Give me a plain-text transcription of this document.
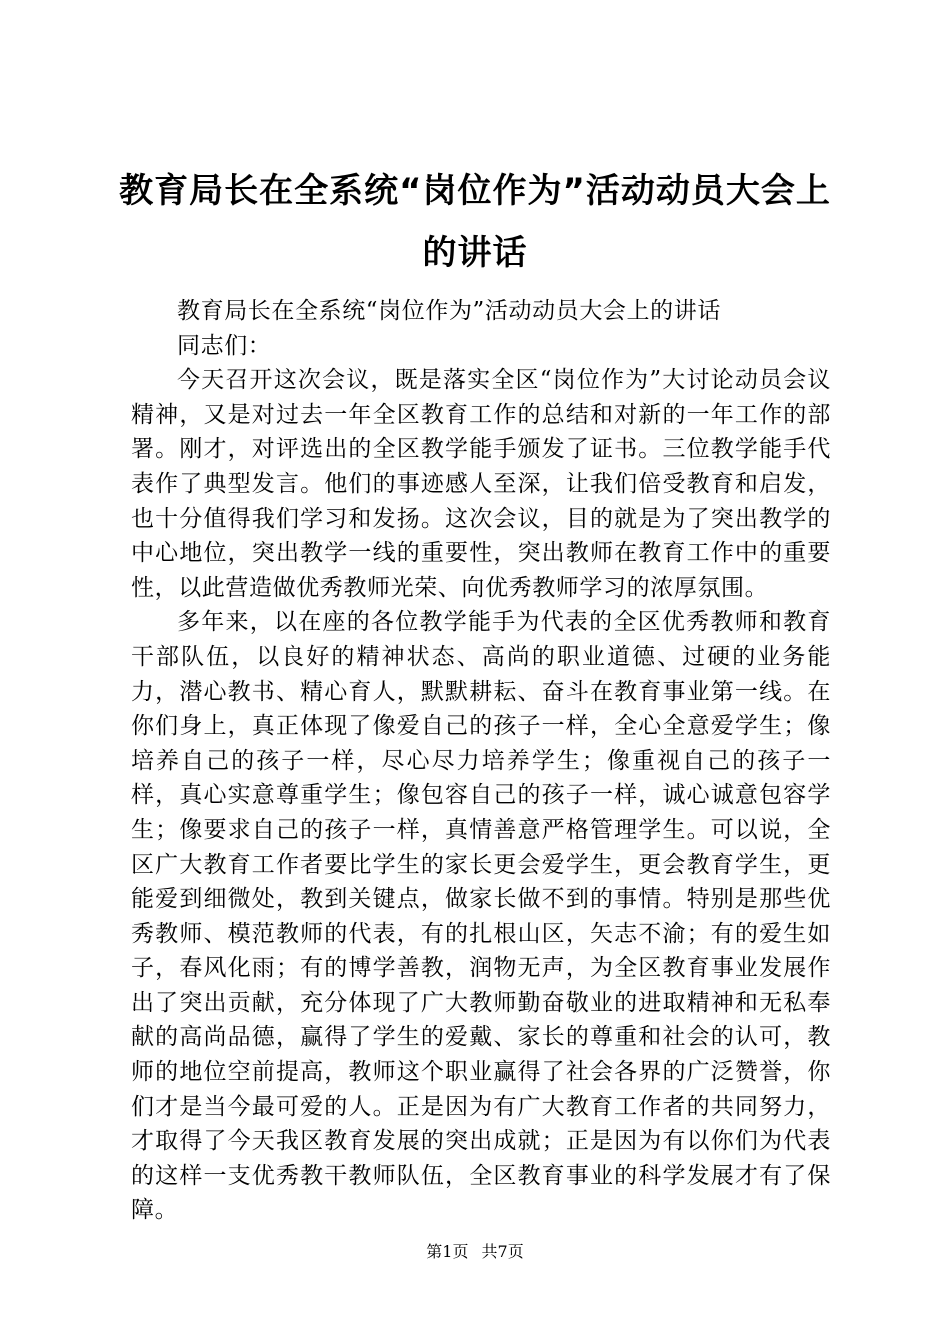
教育局长在全系统“岗位作为”活动动员大会上的讲话

教育局长在全系统“岗位作为”活动动员大会上的讲话

同志们：

今天召开这次会议，既是落实全区“岗位作为”大讨论动员会议精神，又是对过去一年全区教育工作的总结和对新的一年工作的部署。刚才，对评选出的全区教学能手颁发了证书。三位教学能手代表作了典型发言。他们的事迹感人至深，让我们倍受教育和启发，也十分值得我们学习和发扬。这次会议，目的就是为了突出教学的中心地位，突出教学一线的重要性，突出教师在教育工作中的重要性，以此营造做优秀教师光荣、向优秀教师学习的浓厚氛围。

多年来，以在座的各位教学能手为代表的全区优秀教师和教育干部队伍，以良好的精神状态、高尚的职业道德、过硬的业务能力，潜心教书、精心育人，默默耕耘、奋斗在教育事业第一线。在你们身上，真正体现了像爱自己的孩子一样，全心全意爱学生；像培养自己的孩子一样，尽心尽力培养学生；像重视自己的孩子一样，真心实意尊重学生；像包容自己的孩子一样，诚心诚意包容学生；像要求自己的孩子一样，真情善意严格管理学生。可以说，全区广大教育工作者要比学生的家长更会爱学生，更会教育学生，更能爱到细微处，教到关键点，做家长做不到的事情。特别是那些优秀教师、模范教师的代表，有的扎根山区，矢志不渝；有的爱生如子，春风化雨；有的博学善教，润物无声，为全区教育事业发展作出了突出贡献，充分体现了广大教师勤奋敬业的进取精神和无私奉献的高尚品德，赢得了学生的爱戴、家长的尊重和社会的认可，教师的地位空前提高，教师这个职业赢得了社会各界的广泛赞誉，你们才是当今最可爱的人。正是因为有广大教育工作者的共同努力，才取得了今天我区教育发展的突出成就；正是因为有以你们为代表的这样一支优秀教干教师队伍，全区教育事业的科学发展才有了保障。

第1页 共7页
